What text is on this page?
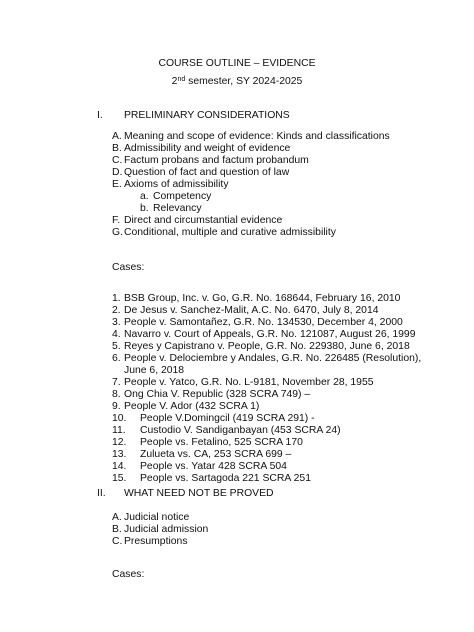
COURSE OUTLINE – EVIDENCE
2nd semester, SY 2024-2025
I. PRELIMINARY CONSIDERATIONS
A. Meaning and scope of evidence: Kinds and classifications
B. Admissibility and weight of evidence
C. Factum probans and factum probandum
D. Question of fact and question of law
E. Axioms of admissibility
a. Competency
b. Relevancy
F. Direct and circumstantial evidence
G. Conditional, multiple and curative admissibility
Cases:
1. BSB Group, Inc. v. Go, G.R. No. 168644, February 16, 2010
2. De Jesus v. Sanchez-Malit, A.C. No. 6470, July 8, 2014
3. People v. Samontañez, G.R. No. 134530, December 4, 2000
4. Navarro v. Court of Appeals, G.R. No. 121087, August 26, 1999
5. Reyes y Capistrano v. People, G.R. No. 229380, June 6, 2018
6. People v. Delociembre y Andales, G.R. No. 226485 (Resolution),
June 6, 2018
7. People v. Yatco, G.R. No. L-9181, November 28, 1955
8. Ong Chia V. Republic (328 SCRA 749) –
9. People V. Ador (432 SCRA 1)
10. People V.Domingcil (419 SCRA 291) -
11. Custodio V. Sandiganbayan (453 SCRA 24)
12. People vs. Fetalino, 525 SCRA 170
13. Zulueta vs. CA, 253 SCRA 699 –
14. People vs. Yatar 428 SCRA 504
15. People vs. Sartagoda 221 SCRA 251
II. WHAT NEED NOT BE PROVED
A. Judicial notice
B. Judicial admission
C. Presumptions
Cases:
